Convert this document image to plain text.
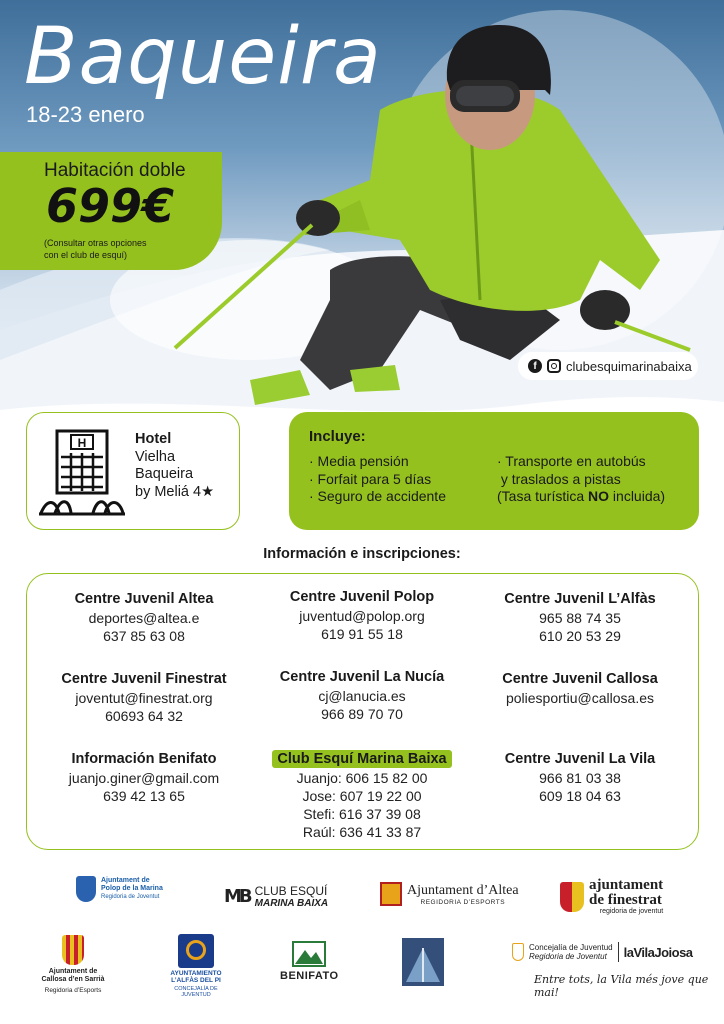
Baqueira
18-23 enero
Habitación doble
699€
(Consultar otras opciones
con el club de esquí)
f	clubesquimarinabaixa
H	Hotel
Vielha
Baqueira
by Meliá 4★
Incluye:
· Media pensión
· Forfait para 5 días
· Seguro de accidente
· Transporte en autobús
y traslados a pistas
(Tasa turística NO incluida)
Información e inscripciones:
Centre Juvenil Altea
deportes@altea.e
637 85 63 08
Centre Juvenil Polop
juventud@polop.org
619 91 55 18
Centre Juvenil L’Alfàs
965 88 74 35
610 20 53 29
Centre Juvenil Finestrat
joventut@finestrat.org
60693 64 32
Centre Juvenil La Nucía
cj@lanucia.es
966 89 70 70
Centre Juvenil Callosa
poliesportiu@callosa.es
Información Benifato
juanjo.giner@gmail.com
639 42 13 65
Club Esquí Marina Baixa
Juanjo: 606 15 82 00
Jose: 607 19 22 00
Stefi: 616 37 39 08
Raúl: 636 41 33 87
Centre Juvenil La Vila
966 81 03 38
609 18 04 63
Ajuntament de
Polop de la Marina
Regidoria de Joventut	MB CLUB ESQUÍ
MARINA BAIXA
Ajuntament d’Altea
REGIDORIA D’ESPORTS
ajuntament
de finestrat
regidoria de joventut
Ajuntament de
Callosa d’en Sarrià
Regidoria d’Esports
AYUNTAMIENTO
L’ALFÀS DEL PI
CONCEJALÍA DE JUVENTUD
BENIFATO
Concejalía de Juventud
Regidoria de Joventut	laVilaJoiosa
Entre tots, la Vila més jove que mai!
